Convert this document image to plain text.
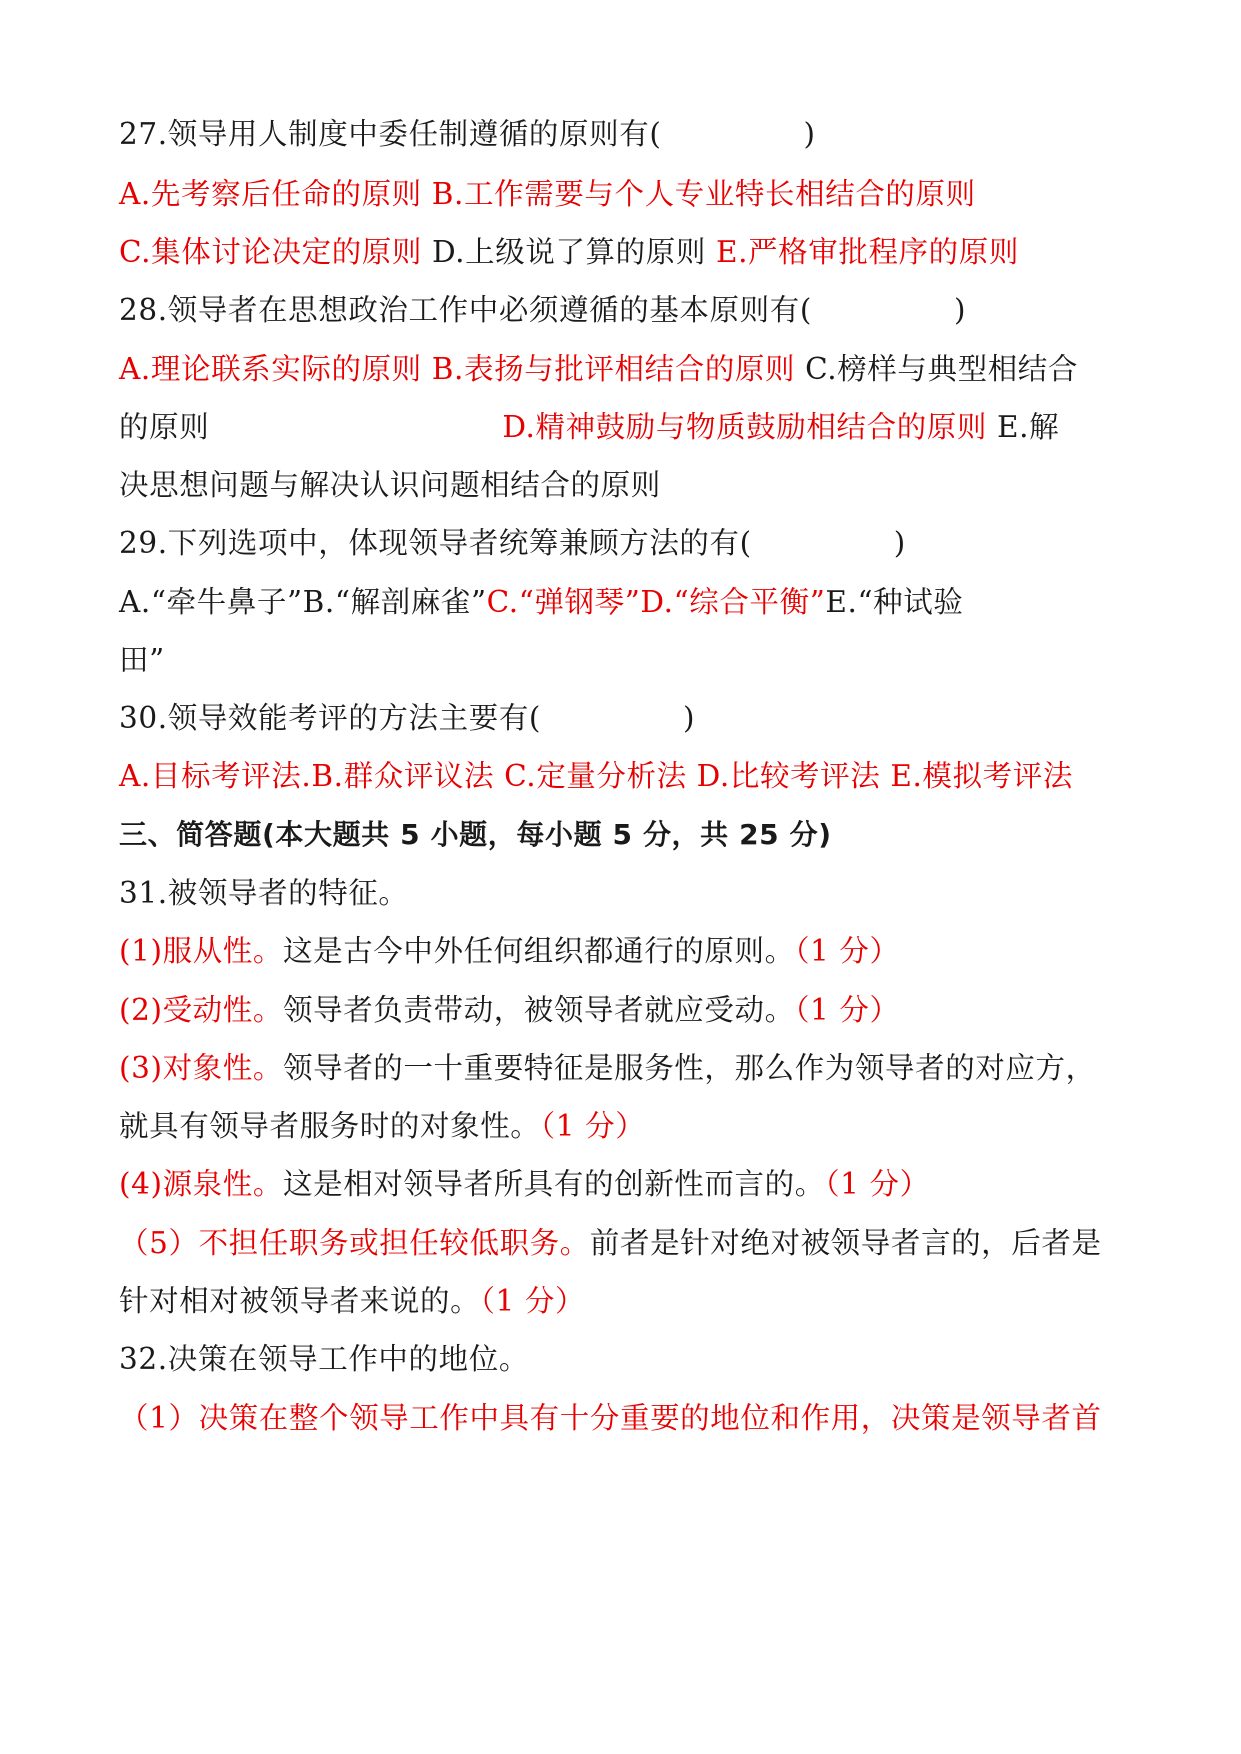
27.领导用人制度中委任制遵循的原则有(	)
A.先考察后任命的原则 B.工作需要与个人专业特长相结合的原则
C.集体讨论决定的原则 D.上级说了算的原则 E.严格审批程序的原则
28.领导者在思想政治工作中必须遵循的基本原则有(	)
A.理论联系实际的原则 B.表扬与批评相结合的原则 C.榜样与典型相结合
的原则	D.精神鼓励与物质鼓励相结合的原则 E.解
决思想问题与解决认识问题相结合的原则
29.下列选项中，体现领导者统筹兼顾方法的有(	)
A.“牵牛鼻子”B.“解剖麻雀”C.“弹钢琴”D.“综合平衡”E.“种试验
田”
30.领导效能考评的方法主要有(	)
A.目标考评法.B.群众评议法 C.定量分析法 D.比较考评法 E.模拟考评法
三、简答题(本大题共 5 小题，每小题 5 分，共 25 分)
31.被领导者的特征。
(1)服从性。这是古今中外任何组织都通行的原则。（1 分）
(2)受动性。领导者负责带动，被领导者就应受动。（1 分）
(3)对象性。领导者的一十重要特征是服务性，那么作为领导者的对应方，
就具有领导者服务时的对象性。（1 分）
(4)源泉性。这是相对领导者所具有的创新性而言的。（1 分）
（5）不担任职务或担任较低职务。前者是针对绝对被领导者言的，后者是
针对相对被领导者来说的。（1 分）
32.决策在领导工作中的地位。
（1）决策在整个领导工作中具有十分重要的地位和作用，决策是领导者首
